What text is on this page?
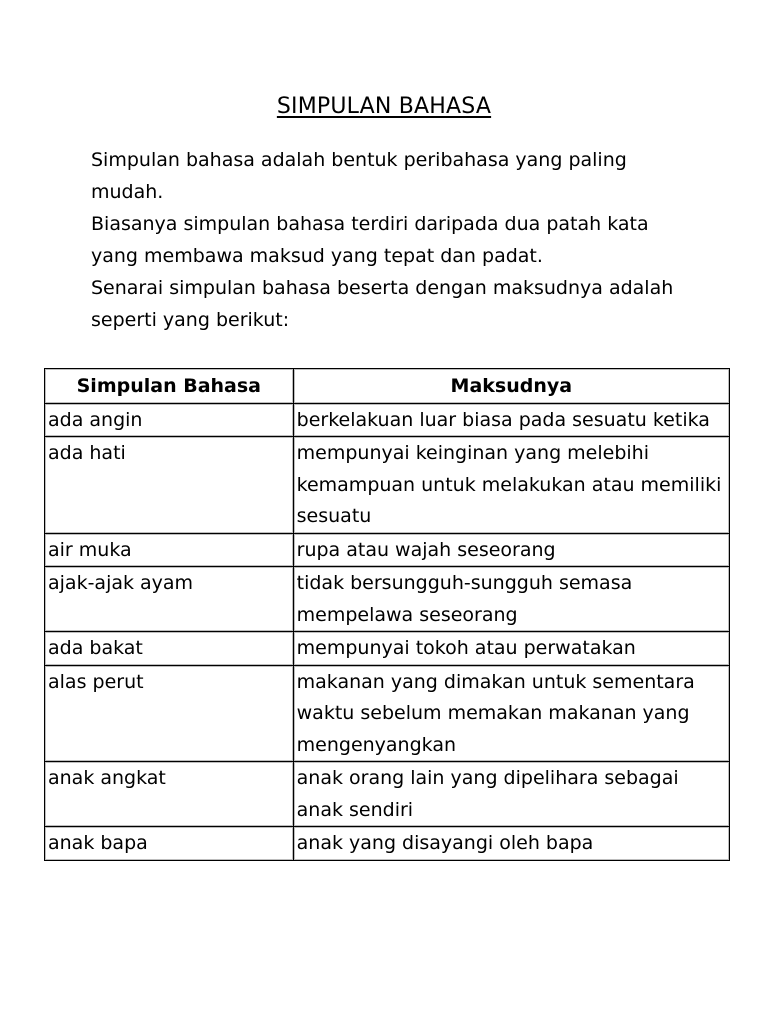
SIMPULAN BAHASA

Simpulan bahasa adalah bentuk peribahasa yang paling mudah.

Biasanya simpulan bahasa terdiri daripada dua patah kata yang membawa maksud yang tepat dan padat.

Senarai simpulan bahasa beserta dengan maksudnya adalah seperti yang berikut:

Simpulan Bahasa	Maksudnya
ada angin	berkelakuan luar biasa pada sesuatu ketika
ada hati	mempunyai keinginan yang melebihi kemampuan untuk melakukan atau memiliki sesuatu
air muka	rupa atau wajah seseorang
ajak-ajak ayam	tidak bersungguh-sungguh semasa mempelawa seseorang
ada bakat	mempunyai tokoh atau perwatakan
alas perut	makanan yang dimakan untuk sementara waktu sebelum memakan makanan yang mengenyangkan
anak angkat	anak orang lain yang dipelihara sebagai anak sendiri
anak bapa	anak yang disayangi oleh bapa
